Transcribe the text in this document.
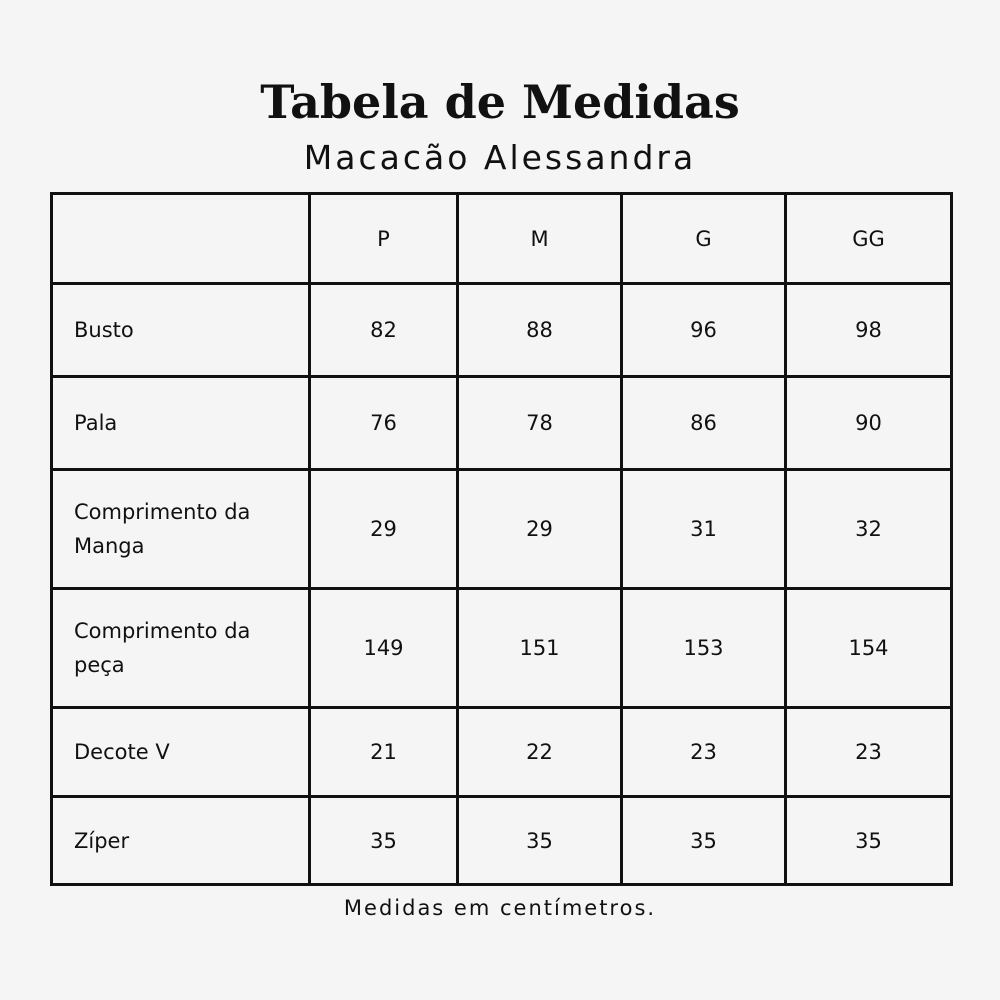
Tabela de Medidas
Macacão Alessandra
	P	M	G	GG
Busto	82	88	96	98
Pala	76	78	86	90
Comprimento da Manga	29	29	31	32
Comprimento da peça	149	151	153	154
Decote V	21	22	23	23
Zíper	35	35	35	35
Medidas em centímetros.
